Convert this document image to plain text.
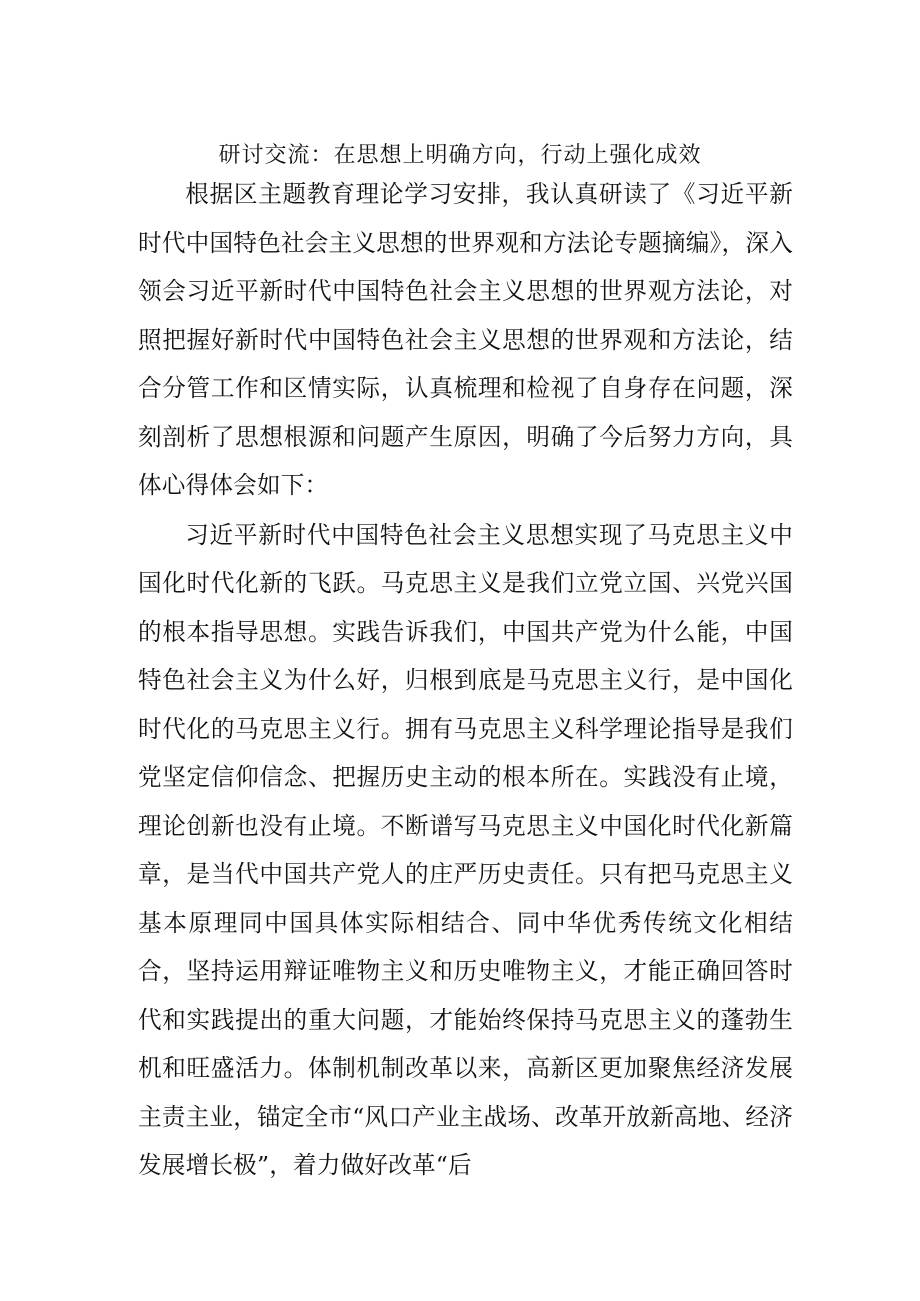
研讨交流：在思想上明确方向，行动上强化成效

根据区主题教育理论学习安排，我认真研读了《习近平新时代中国特色社会主义思想的世界观和方法论专题摘编》，深入领会习近平新时代中国特色社会主义思想的世界观方法论，对照把握好新时代中国特色社会主义思想的世界观和方法论，结合分管工作和区情实际，认真梳理和检视了自身存在问题，深刻剖析了思想根源和问题产生原因，明确了今后努力方向，具体心得体会如下：

习近平新时代中国特色社会主义思想实现了马克思主义中国化时代化新的飞跃。马克思主义是我们立党立国、兴党兴国的根本指导思想。实践告诉我们，中国共产党为什么能，中国特色社会主义为什么好，归根到底是马克思主义行，是中国化时代化的马克思主义行。拥有马克思主义科学理论指导是我们党坚定信仰信念、把握历史主动的根本所在。实践没有止境，理论创新也没有止境。不断谱写马克思主义中国化时代化新篇章，是当代中国共产党人的庄严历史责任。只有把马克思主义基本原理同中国具体实际相结合、同中华优秀传统文化相结合，坚持运用辩证唯物主义和历史唯物主义，才能正确回答时代和实践提出的重大问题，才能始终保持马克思主义的蓬勃生机和旺盛活力。体制机制改革以来，高新区更加聚焦经济发展主责主业，锚定全市“风口产业主战场、改革开放新高地、经济发展增长极”，着力做好改革“后
